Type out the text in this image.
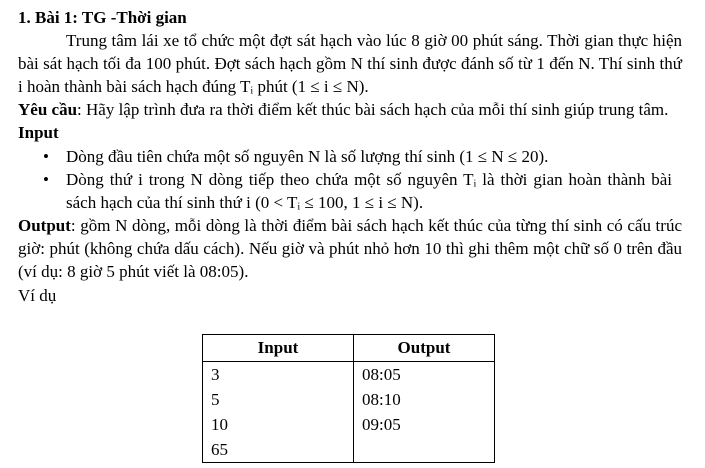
1. Bài 1: TG -Thời gian

Trung tâm lái xe tổ chức một đợt sát hạch vào lúc 8 giờ 00 phút sáng. Thời gian thực hiện bài sát hạch tối đa 100 phút. Đợt sách hạch gồm N thí sinh được đánh số từ 1 đến N. Thí sinh thứ i hoàn thành bài sách hạch đúng Tᵢ phút (1 ≤ i ≤ N).

Yêu cầu: Hãy lập trình đưa ra thời điểm kết thúc bài sách hạch của mỗi thí sinh giúp trung tâm.

Input

• Dòng đầu tiên chứa một số nguyên N là số lượng thí sinh (1 ≤ N ≤ 20).
• Dòng thứ i trong N dòng tiếp theo chứa một số nguyên Tᵢ là thời gian hoàn thành bài sách hạch của thí sinh thứ i (0 < Tᵢ ≤ 100, 1 ≤ i ≤ N).

Output: gồm N dòng, mỗi dòng là thời điểm bài sách hạch kết thúc của từng thí sinh có cấu trúc giờ: phút (không chứa dấu cách). Nếu giờ và phút nhỏ hơn 10 thì ghi thêm một chữ số 0 trên đầu (ví dụ: 8 giờ 5 phút viết là 08:05).

Ví dụ

Input	Output
3	08:05
5	08:10
10	09:05
65	
